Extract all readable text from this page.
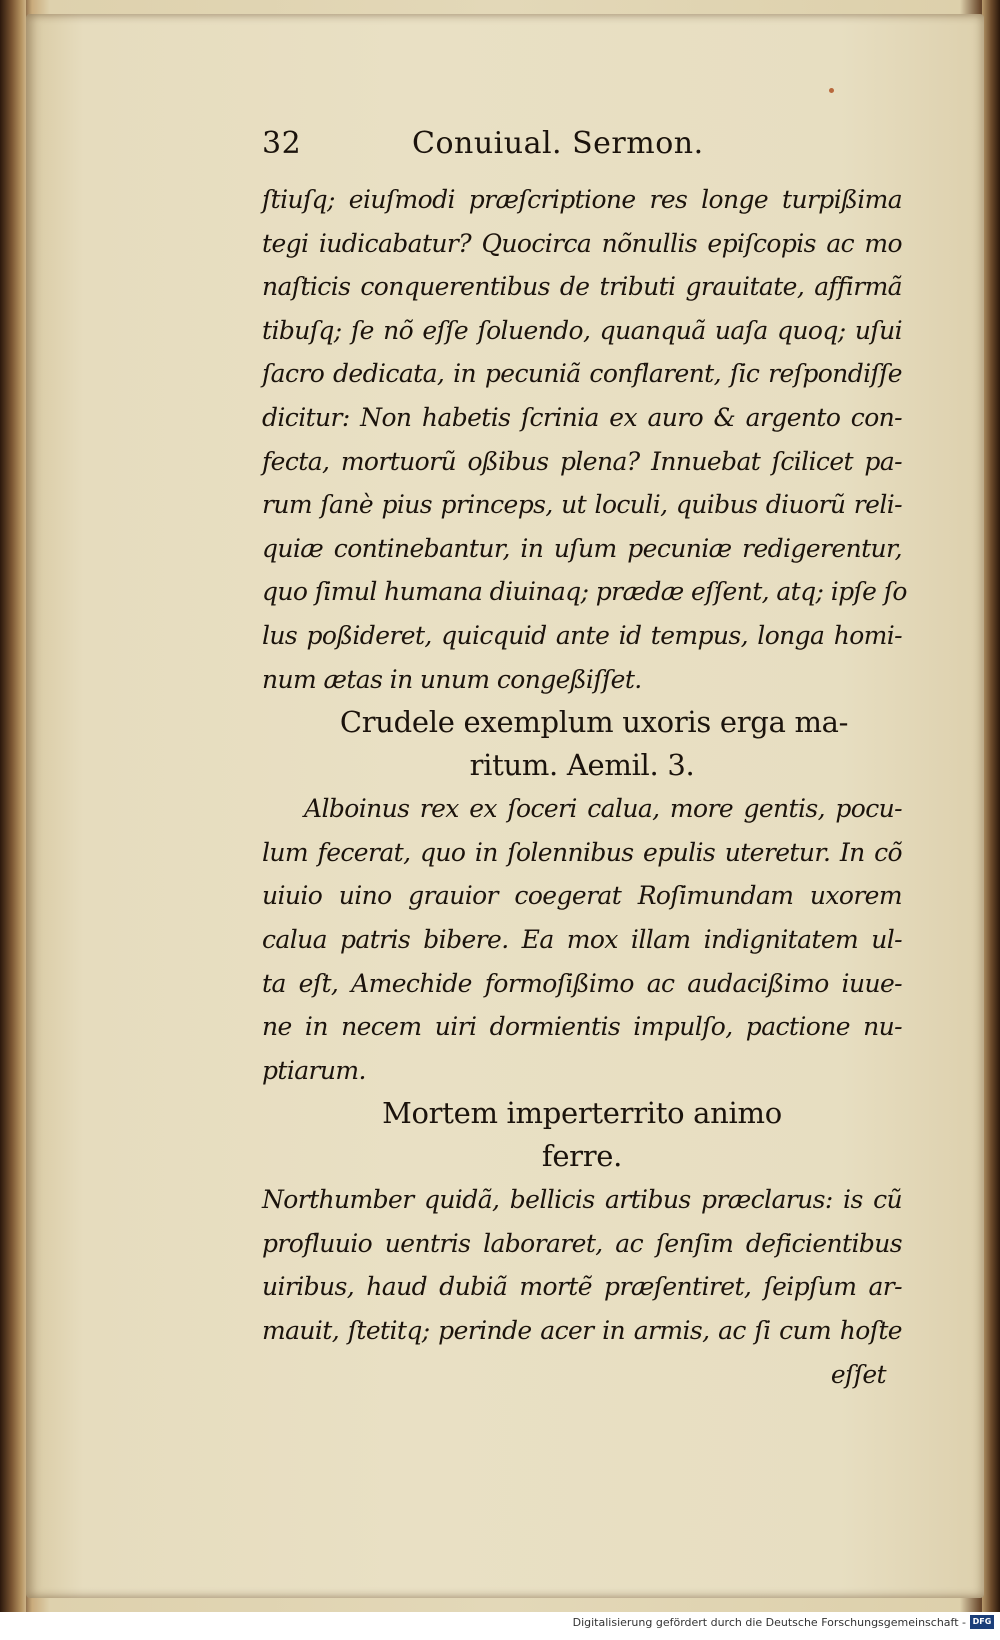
32	Conuiual. Sermon.
ſtiuſq; eiuſmodi præſcriptione res longe turpißima
tegi iudicabatur? Quocirca nõnullis epiſcopis ac mo
naſticis conquerentibus de tributi grauitate, affirmã
tibuſq; ſe nõ eſſe ſoluendo, quanquã uaſa quoq; uſui
ſacro dedicata, in pecuniã conflarent, ſic reſpondiſſe
dicitur: Non habetis ſcrinia ex auro & argento con-
fecta, mortuorũ oßibus plena? Innuebat ſcilicet pa-
rum ſanè pius princeps, ut loculi, quibus diuorũ reli-
quiæ continebantur, in uſum pecuniæ redigerentur,
quo ſimul humana diuinaq; prædæ eſſent, atq; ipſe ſo
lus poßideret, quicquid ante id tempus, longa homi-
num ætas in unum congeßiſſet.
Crudele exemplum uxoris erga ma-
ritum. Aemil. 3.
Alboinus rex ex ſoceri calua, more gentis, pocu-
lum fecerat, quo in ſolennibus epulis uteretur. In cõ
uiuio uino grauior coegerat Roſimundam uxorem
calua patris bibere. Ea mox illam indignitatem ul-
ta eſt, Amechide formoſißimo ac audacißimo iuue-
ne in necem uiri dormientis impulſo, pactione nu-
ptiarum.
Mortem imperterrito animo
ferre.
Northumber quidã, bellicis artibus præclarus: is cũ
profluuio uentris laboraret, ac ſenſim deficientibus
uiribus, haud dubiã mortẽ præſentiret, ſeipſum ar-
mauit, ſtetitq; perinde acer in armis, ac ſi cum hoſte
eſſet
Digitalisierung gefördert durch die Deutsche Forschungsgemeinschaft - DFG
